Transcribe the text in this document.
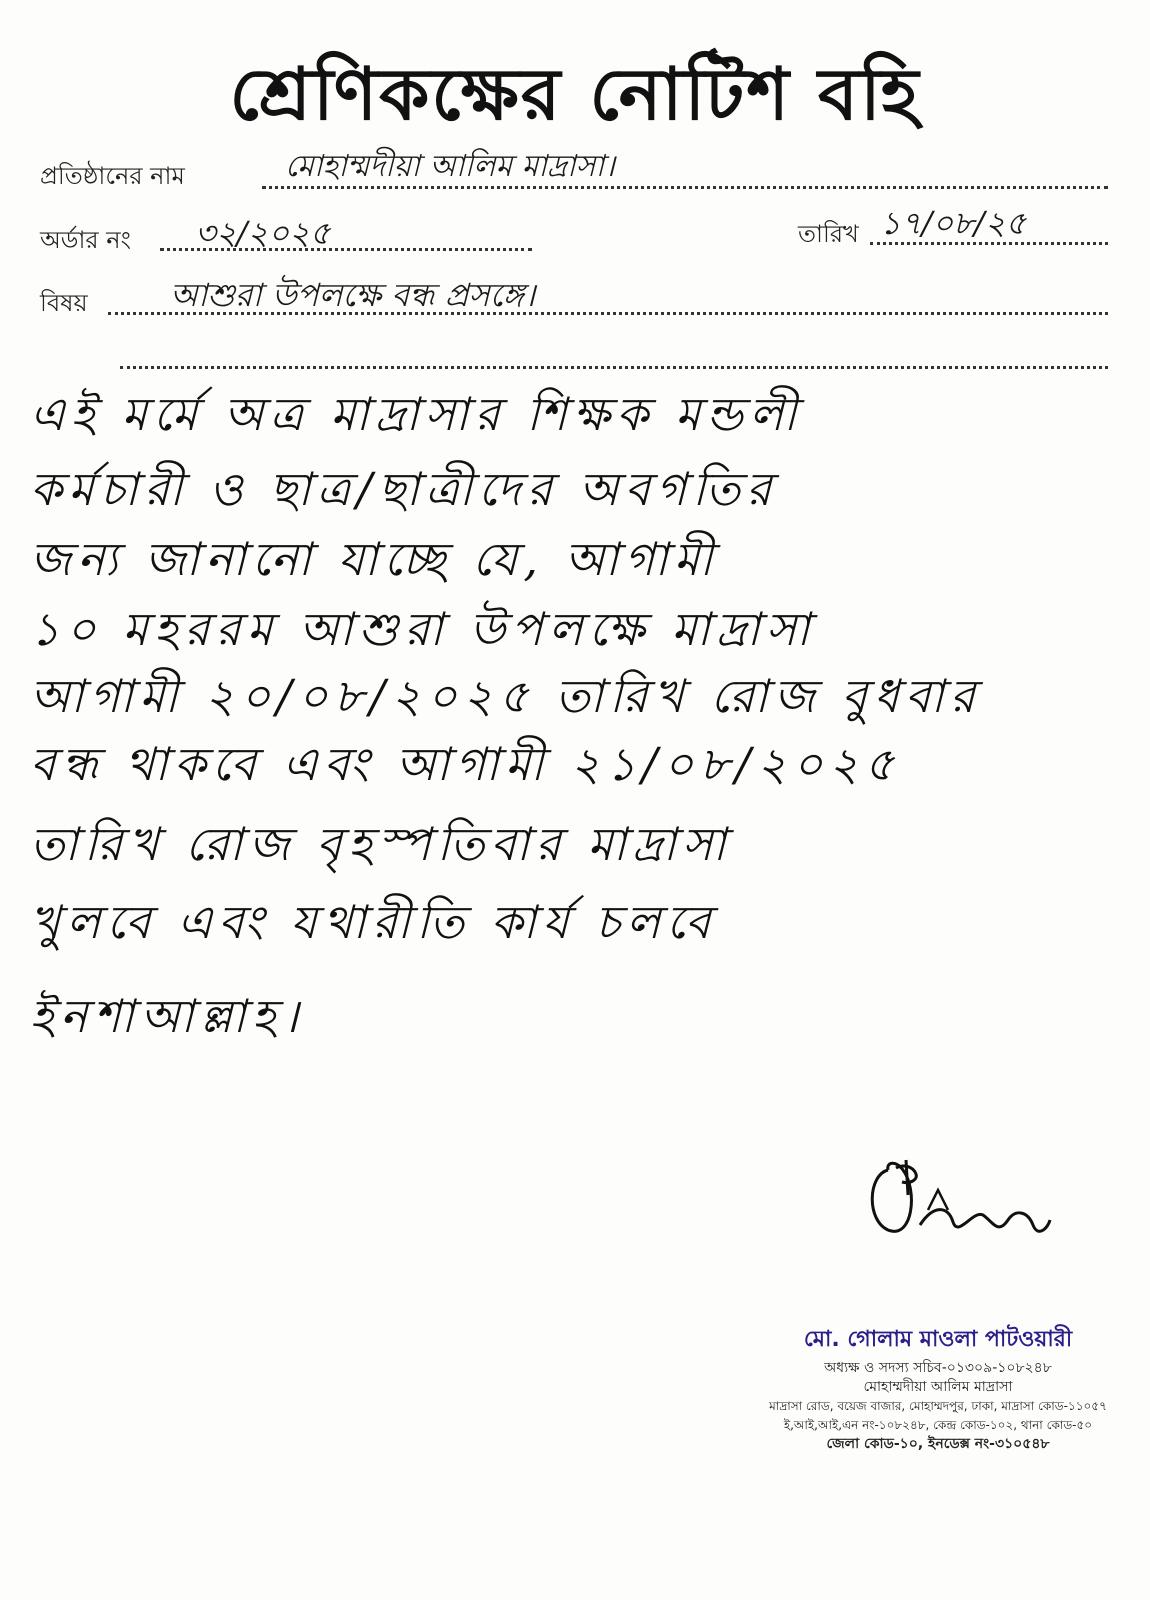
শ্রেণিকক্ষের নোটিশ বহি
প্রতিষ্ঠানের নাম	মোহাম্মদীয়া আলিম মাদ্রাসা।
অর্ডার নং ৩২/২০২৫	তারিখ ১৭/০৮/২৫
বিষয়	আশুরা উপলক্ষে বন্ধ প্রসঙ্গে।
এই মর্মে অত্র মাদ্রাসার শিক্ষক মন্ডলী
কর্মচারী ও ছাত্র/ছাত্রীদের অবগতির
জন্য জানানো যাচ্ছে যে, আগামী
১০ মহররম আশুরা উপলক্ষে মাদ্রাসা
আগামী ২০/০৮/২০২৫ তারিখ রোজ বুধবার
বন্ধ থাকবে এবং আগামী ২১/০৮/২০২৫
তারিখ রোজ বৃহস্পতিবার মাদ্রাসা
খুলবে এবং যথারীতি কার্য চলবে
ইনশাআল্লাহ।
মো. গোলাম মাওলা পাটওয়ারী
অধ্যক্ষ ও সদস্য সচিব-০১৩০৯-১০৮২৪৮
মোহাম্মদীয়া আলিম মাদ্রাসা
মাদ্রাসা রোড, বয়েজ বাজার, মোহাম্মদপুর, ঢাকা, মাদ্রাসা কোড-১১০৫৭
ই,আই,আই,এন নং-১০৮২৪৮, কেন্দ্র কোড-১০২, থানা কোড-৫০
জেলা কোড-১০, ইনডেক্স নং-৩১০৫৪৮
